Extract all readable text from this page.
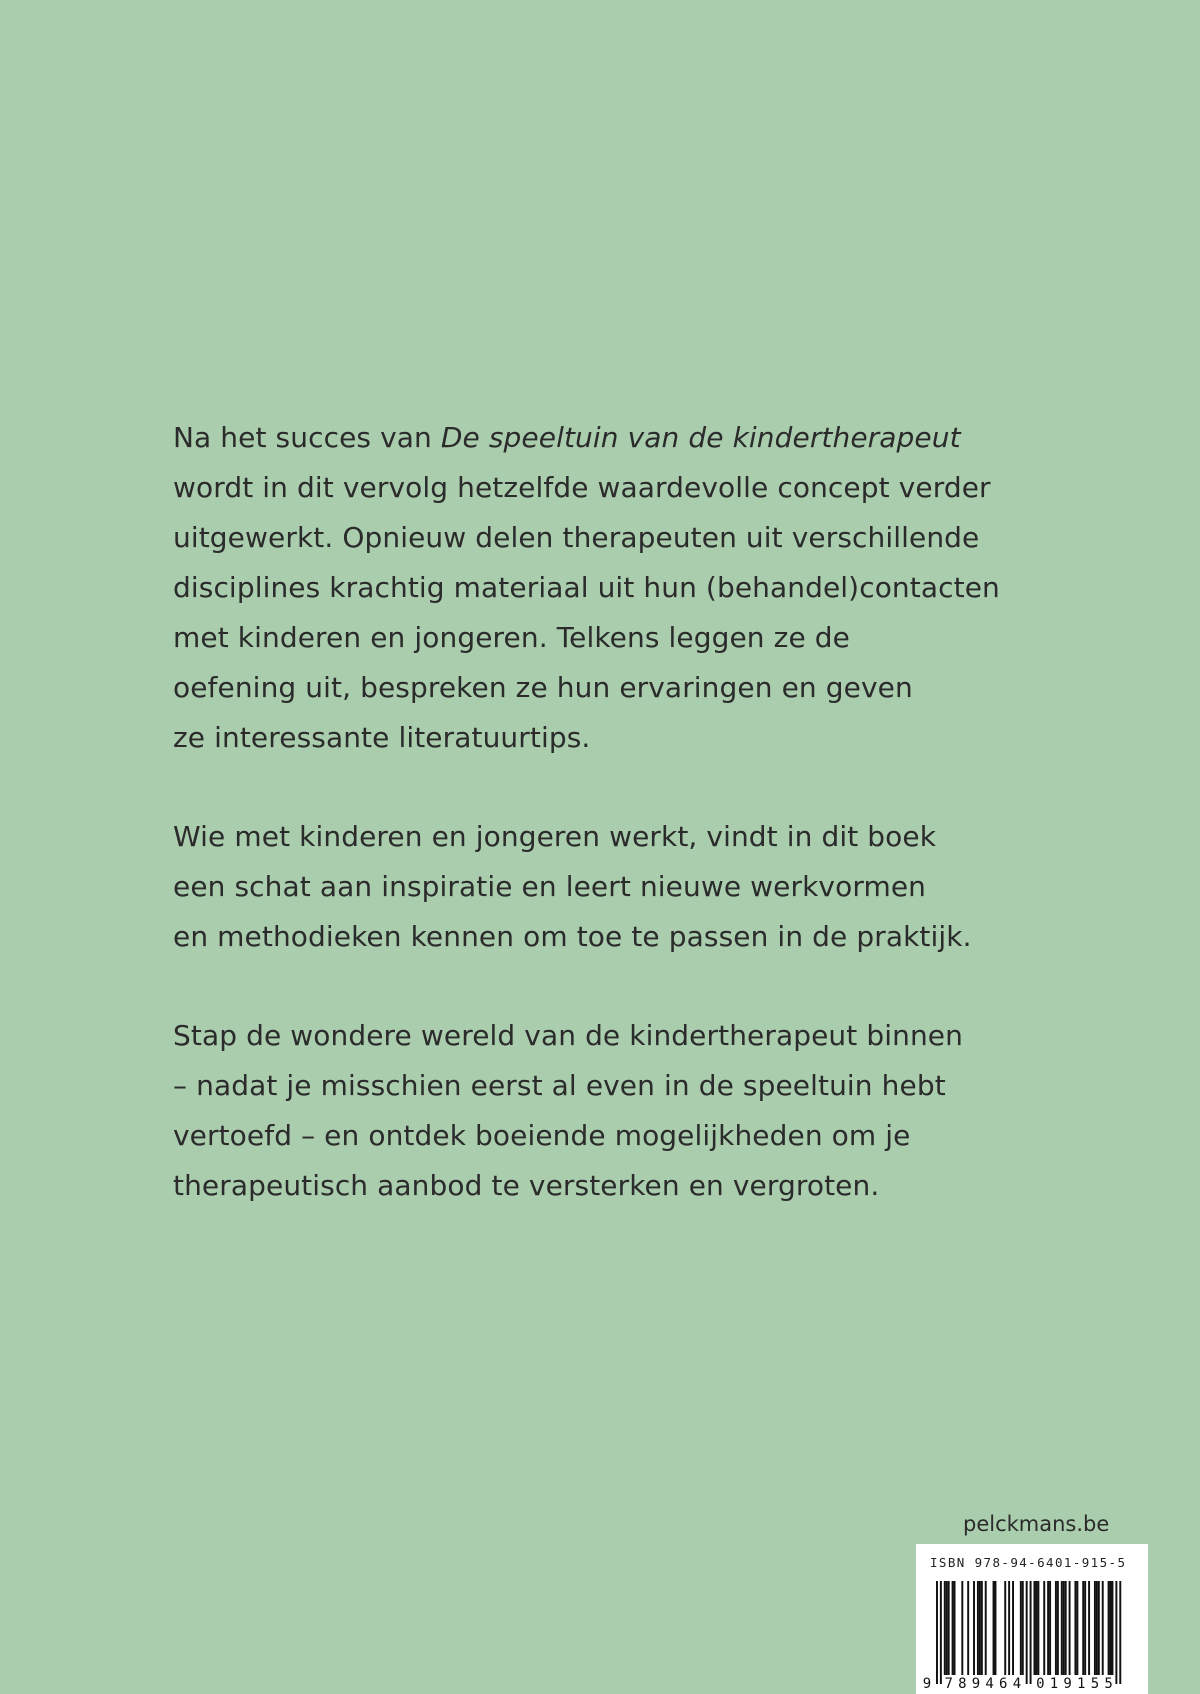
Na het succes van De speeltuin van de kindertherapeut
wordt in dit vervolg hetzelfde waardevolle concept verder
uitgewerkt. Opnieuw delen therapeuten uit verschillende
disciplines krachtig materiaal uit hun (behandel)contacten
met kinderen en jongeren. Telkens leggen ze de
oefening uit, bespreken ze hun ervaringen en geven
ze interessante literatuurtips.

Wie met kinderen en jongeren werkt, vindt in dit boek
een schat aan inspiratie en leert nieuwe werkvormen
en methodieken kennen om toe te passen in de praktijk.

Stap de wondere wereld van de kindertherapeut binnen
– nadat je misschien eerst al even in de speeltuin hebt
vertoefd – en ontdek boeiende mogelijkheden om je
therapeutisch aanbod te versterken en vergroten.

pelckmans.be
ISBN 978-94-6401-915-5
9 7 8 9 4 6 4 0 1 9 1 5 5
